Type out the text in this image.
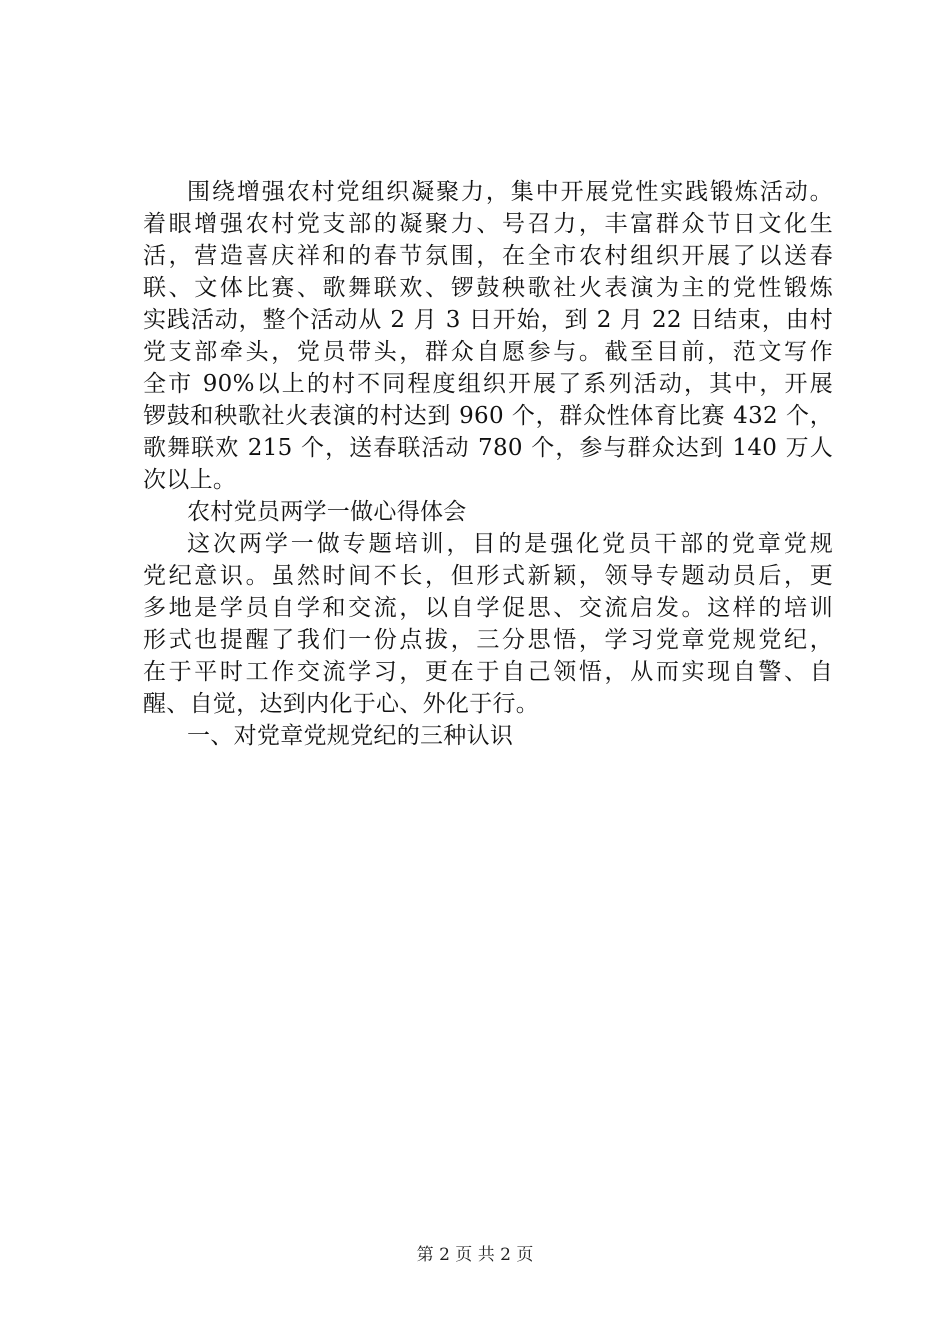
围绕增强农村党组织凝聚力，集中开展党性实践锻炼活动。
着眼增强农村党支部的凝聚力、号召力，丰富群众节日文化生
活，营造喜庆祥和的春节氛围，在全市农村组织开展了以送春
联、文体比赛、歌舞联欢、锣鼓秧歌社火表演为主的党性锻炼
实践活动，整个活动从 2 月 3 日开始，到 2 月 22 日结束，由村
党支部牵头，党员带头，群众自愿参与。截至目前，范文写作
全市 90%以上的村不同程度组织开展了系列活动，其中，开展
锣鼓和秧歌社火表演的村达到 960 个，群众性体育比赛 432 个，
歌舞联欢 215 个，送春联活动 780 个，参与群众达到 140 万人
次以上。
农村党员两学一做心得体会
这次两学一做专题培训，目的是强化党员干部的党章党规
党纪意识。虽然时间不长，但形式新颖，领导专题动员后，更
多地是学员自学和交流，以自学促思、交流启发。这样的培训
形式也提醒了我们一份点拔，三分思悟，学习党章党规党纪，
在于平时工作交流学习，更在于自己领悟，从而实现自警、自
醒、自觉，达到内化于心、外化于行。
一、对党章党规党纪的三种认识
第 2 页 共 2 页
